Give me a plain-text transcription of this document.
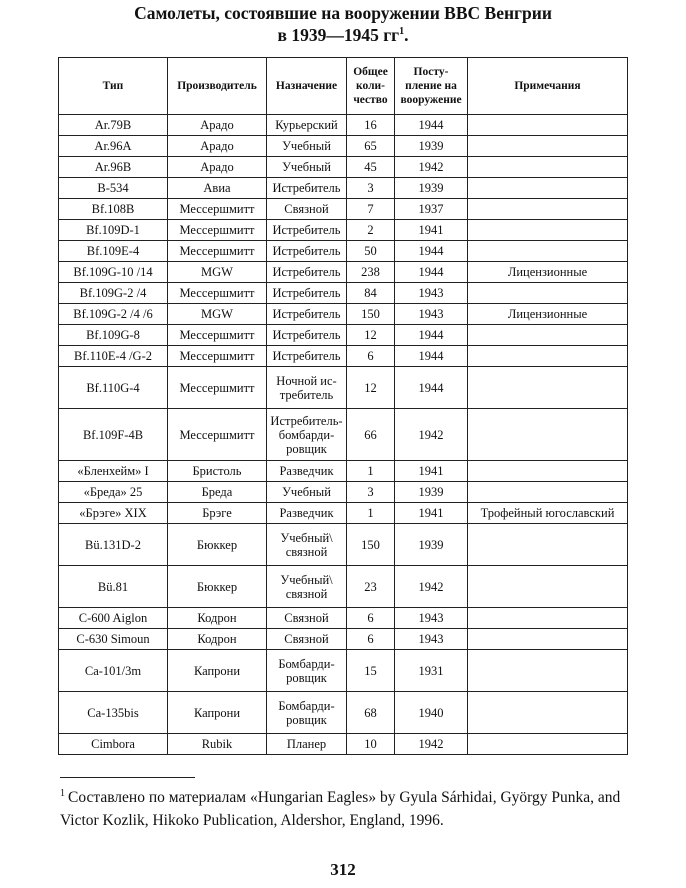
Самолеты, состоявшие на вооружении ВВС Венгрии
в 1939—1945 $гг^1$.
Тип	Производитель	Назначение	Общее коли-чество	Посту-пление на вооружение	Примечания
Ar.79B	Арадо	Курьерский	16	1944	
Ar.96A	Арадо	Учебный	65	1939	
Ar.96B	Арадо	Учебный	45	1942	
B-534	Авиа	Истребитель	3	1939	
Bf.108B	Мессершмитт	Связной	7	1937	
Bf.109D-1	Мессершмитт	Истребитель	2	1941	
Bf.109E-4	Мессершмитт	Истребитель	50	1944	
Bf.109G-10 /14	MGW	Истребитель	238	1944	Лицензионные
Bf.109G-2 /4	Мессершмитт	Истребитель	84	1943	
Bf.109G-2 /4 /6	MGW	Истребитель	150	1943	Лицензионные
Bf.109G-8	Мессершмитт	Истребитель	12	1944	
Bf.110E-4 /G-2	Мессершмитт	Истребитель	6	1944	
Bf.110G-4	Мессершмитт	Ночной ис-требитель	12	1944	
Bf.109F-4B	Мессершмитт	Истребитель-бомбарди-ровщик	66	1942	
«Бленхейм» I	Бристоль	Разведчик	1	1941	
«Бреда» 25	Бреда	Учебный	3	1939	
«Брэге» XIX	Брэге	Разведчик	1	1941	Трофейный югославский
Bü.131D-2	Бюккер	Учебный\ связной	150	1939	
Bü.81	Бюккер	Учебный\ связной	23	1942	
C-600 Aiglon	Кодрон	Связной	6	1943	
C-630 Simoun	Кодрон	Связной	6	1943	
Ca-101/3m	Капрони	Бомбарди-ровщик	15	1931	
Ca-135bis	Капрони	Бомбарди-ровщик	68	1940	
Cimbora	Rubik	Планер	10	1942	
$^1$ Составлено по материалам «Hungarian Eagles» by Gyula Sárhidai, György Punka, and Victor Kozlik, Hikoko Publication, Aldershor, England, 1996.
312
